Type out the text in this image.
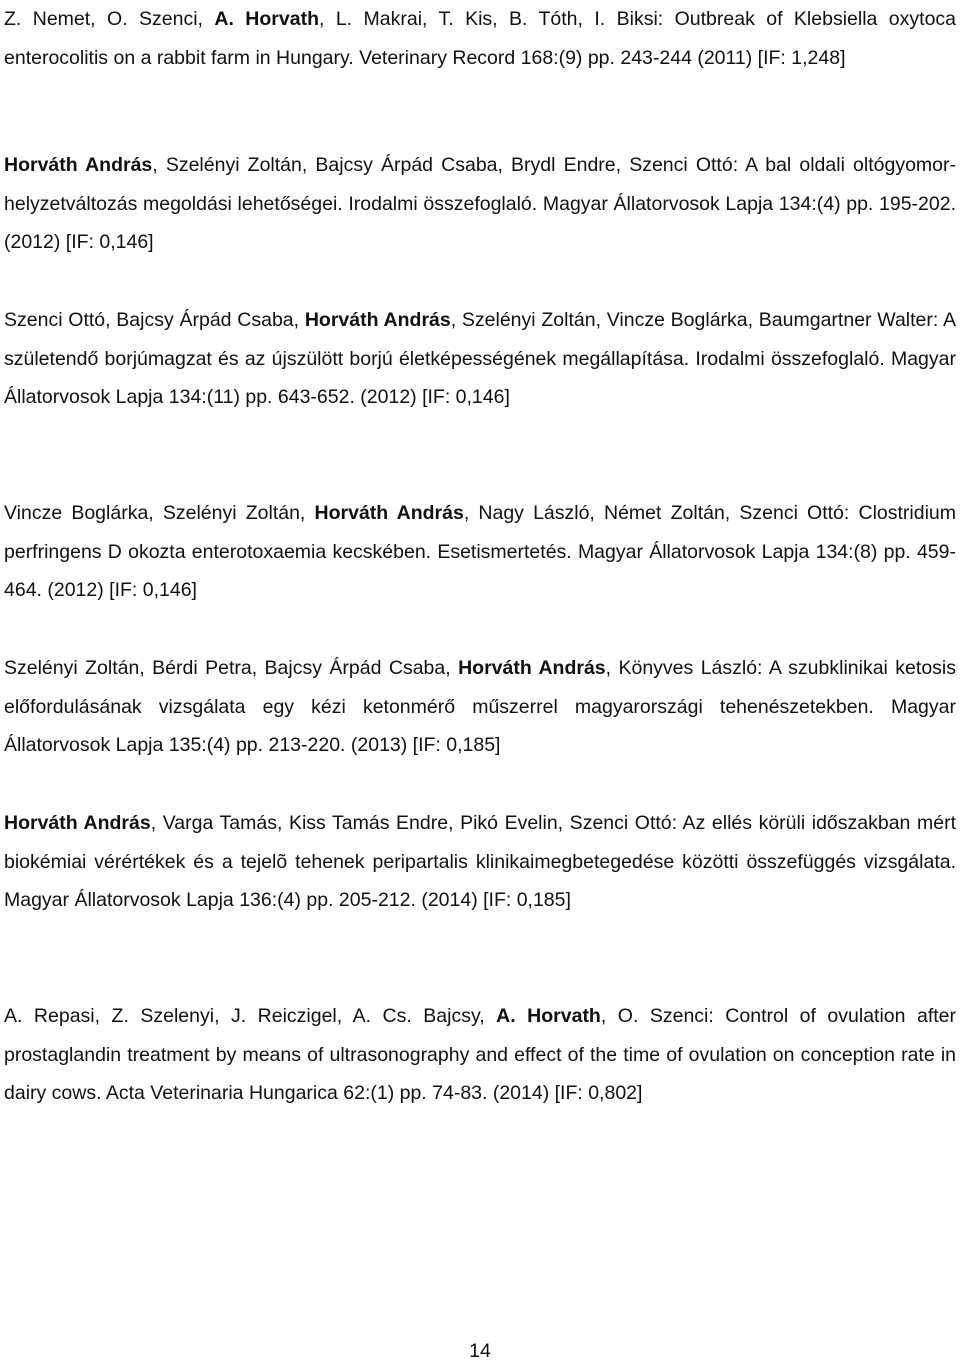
Z. Nemet, O. Szenci, A. Horvath, L. Makrai, T. Kis, B. Tóth, I. Biksi: Outbreak of Klebsiella oxytoca enterocolitis on a rabbit farm in Hungary. Veterinary Record 168:(9) pp. 243-244 (2011) [IF: 1,248]

Horváth András, Szelényi Zoltán, Bajcsy Árpád Csaba, Brydl Endre, Szenci Ottó: A bal oldali oltógyomor-helyzetváltozás megoldási lehetőségei. Irodalmi összefoglaló. Magyar Állatorvosok Lapja 134:(4) pp. 195-202. (2012) [IF: 0,146]

Szenci Ottó, Bajcsy Árpád Csaba, Horváth András, Szelényi Zoltán, Vincze Boglárka, Baumgartner Walter: A születendő borjúmagzat és az újszülött borjú életképességének megállapítása. Irodalmi összefoglaló. Magyar Állatorvosok Lapja 134:(11) pp. 643-652. (2012) [IF: 0,146]

Vincze Boglárka, Szelényi Zoltán, Horváth András, Nagy László, Német Zoltán, Szenci Ottó: Clostridium perfringens D okozta enterotoxaemia kecskében. Esetismertetés. Magyar Állatorvosok Lapja 134:(8) pp. 459-464. (2012) [IF: 0,146]

Szelényi Zoltán, Bérdi Petra, Bajcsy Árpád Csaba, Horváth András, Könyves László: A szubklinikai ketosis előfordulásának vizsgálata egy kézi ketonmérő műszerrel magyarországi tehenészetekben. Magyar Állatorvosok Lapja 135:(4) pp. 213-220. (2013) [IF: 0,185]

Horváth András, Varga Tamás, Kiss Tamás Endre, Pikó Evelin, Szenci Ottó: Az ellés körüli időszakban mért biokémiai vérértékek és a tejelõ tehenek peripartalis klinikaimegbetegedése közötti összefüggés vizsgálata. Magyar Állatorvosok Lapja 136:(4) pp. 205-212. (2014) [IF: 0,185]

A. Repasi, Z. Szelenyi, J. Reiczigel, A. Cs. Bajcsy, A. Horvath, O. Szenci: Control of ovulation after prostaglandin treatment by means of ultrasonography and effect of the time of ovulation on conception rate in dairy cows. Acta Veterinaria Hungarica 62:(1) pp. 74-83. (2014) [IF: 0,802]

14
